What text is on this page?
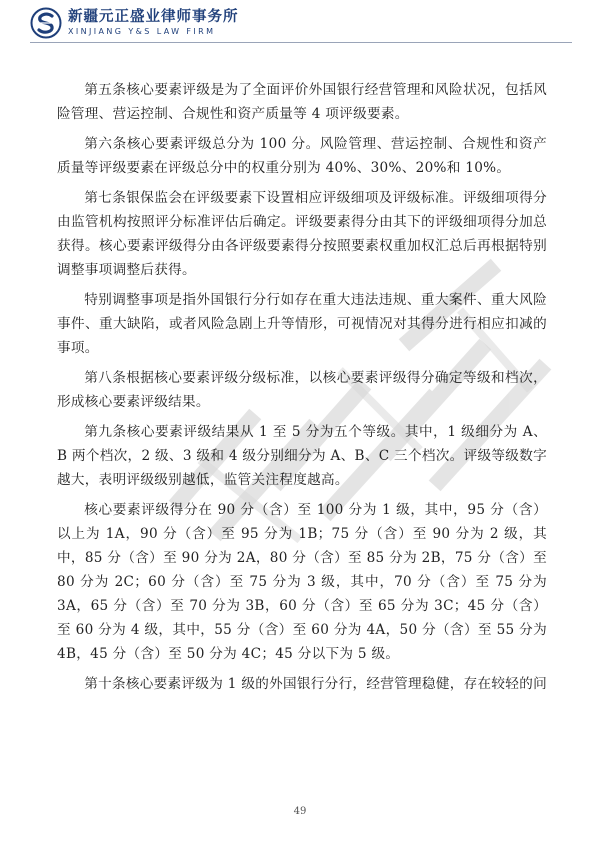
新疆元正盛业律师事务所
XINJIANG Y&S LAW FIRM

第五条核心要素评级是为了全面评价外国银行经营管理和风险状况，包括风险管理、营运控制、合规性和资产质量等 4 项评级要素。

第六条核心要素评级总分为 100 分。风险管理、营运控制、合规性和资产质量等评级要素在评级总分中的权重分别为 40%、30%、20%和 10%。

第七条银保监会在评级要素下设置相应评级细项及评级标准。评级细项得分由监管机构按照评分标准评估后确定。评级要素得分由其下的评级细项得分加总获得。核心要素评级得分由各评级要素得分按照要素权重加权汇总后再根据特别调整事项调整后获得。

特别调整事项是指外国银行分行如存在重大违法违规、重大案件、重大风险事件、重大缺陷，或者风险急剧上升等情形，可视情况对其得分进行相应扣减的事项。

第八条根据核心要素评级分级标准，以核心要素评级得分确定等级和档次，形成核心要素评级结果。

第九条核心要素评级结果从 1 至 5 分为五个等级。其中，1 级细分为 A、B 两个档次，2 级、3 级和 4 级分别细分为 A、B、C 三个档次。评级等级数字越大，表明评级级别越低，监管关注程度越高。

核心要素评级得分在 90 分（含）至 100 分为 1 级，其中，95 分（含）以上为 1A，90 分（含）至 95 分为 1B；75 分（含）至 90 分为 2 级，其中，85 分（含）至 90 分为 2A，80 分（含）至 85 分为 2B，75 分（含）至 80 分为 2C；60 分（含）至 75 分为 3 级，其中，70 分（含）至 75 分为 3A，65 分（含）至 70 分为 3B，60 分（含）至 65 分为 3C；45 分（含）至 60 分为 4 级，其中，55 分（含）至 60 分为 4A，50 分（含）至 55 分为 4B，45 分（含）至 50 分为 4C；45 分以下为 5 级。

第十条核心要素评级为 1 级的外国银行分行，经营管理稳健，存在较轻的问

49
